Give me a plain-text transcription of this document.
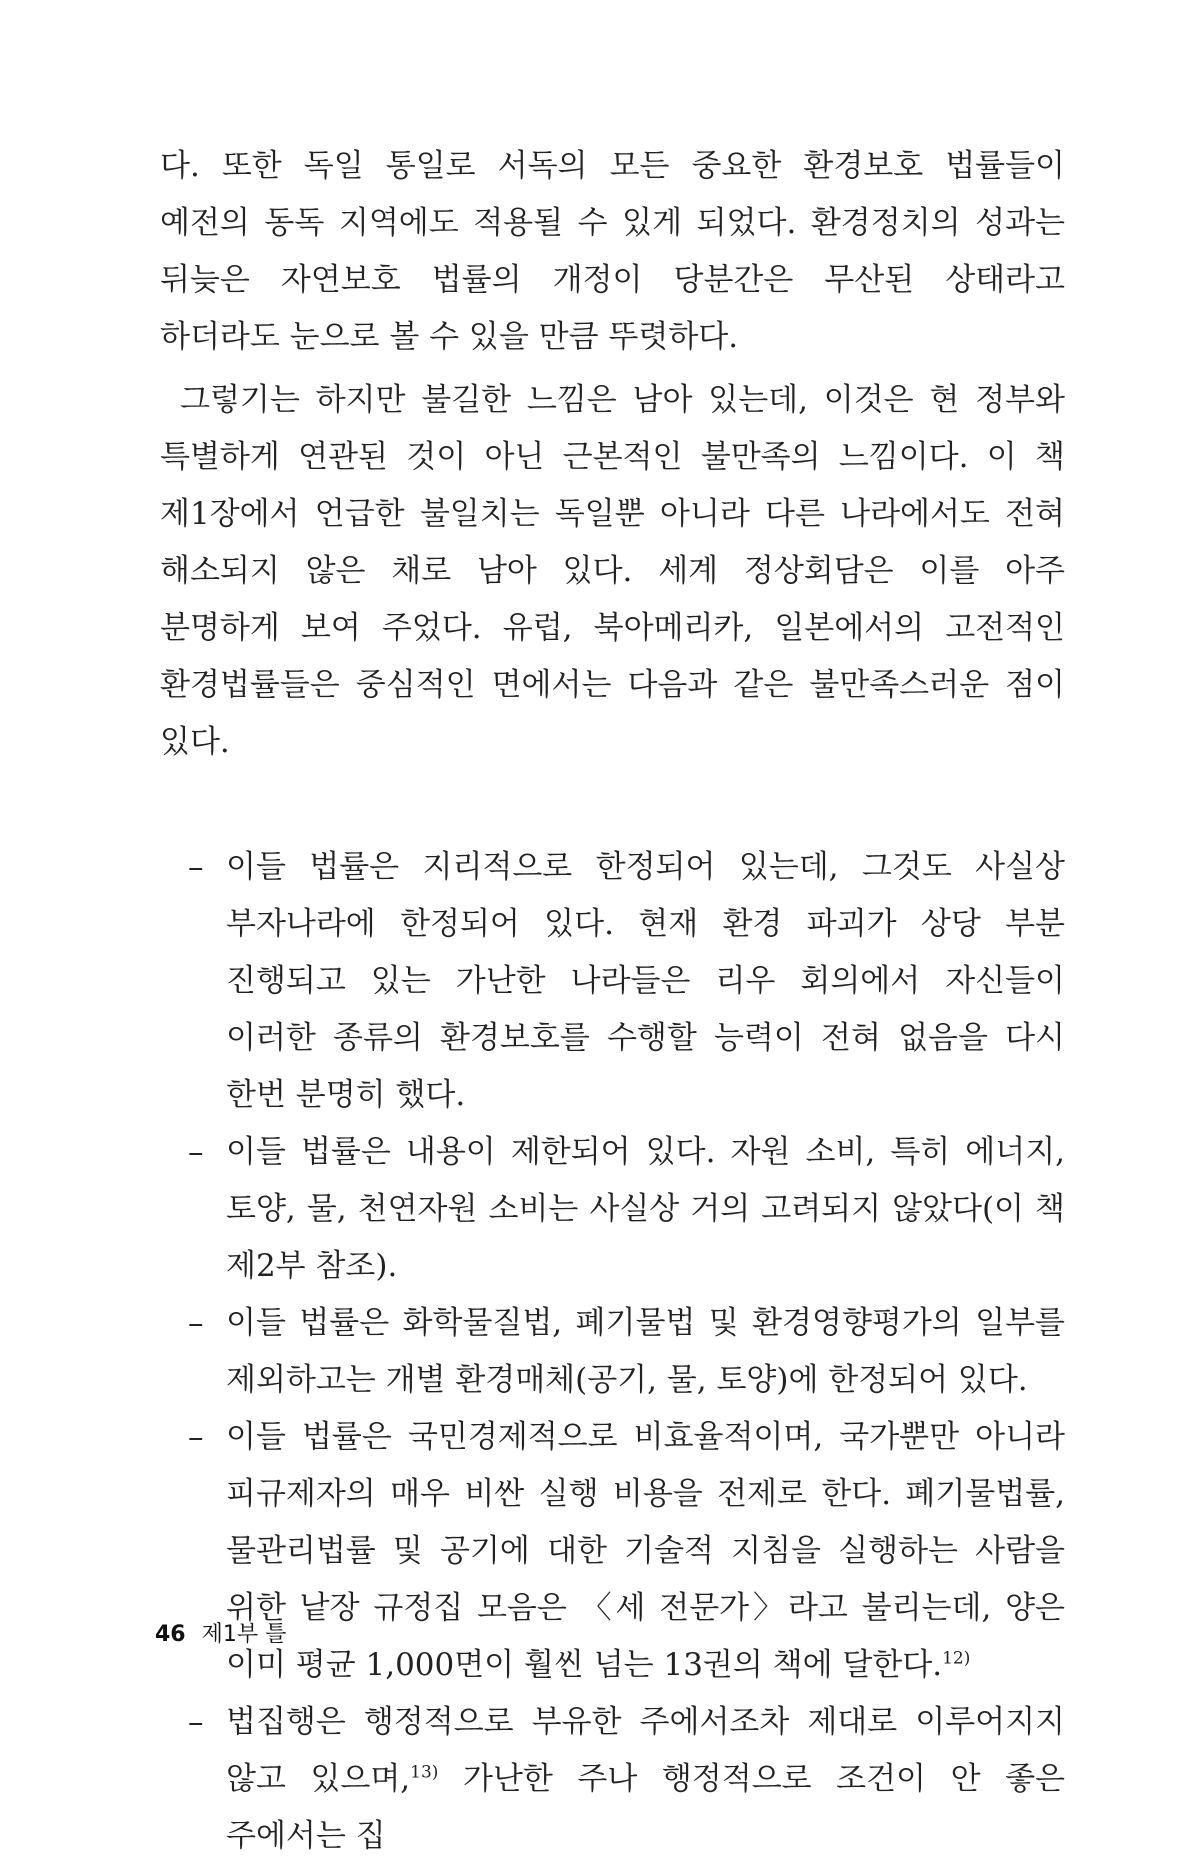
다. 또한 독일 통일로 서독의 모든 중요한 환경보호 법률들이 예전의 동독 지역에도 적용될 수 있게 되었다. 환경정치의 성과는 뒤늦은 자연보호 법률의 개정이 당분간은 무산된 상태라고 하더라도 눈으로 볼 수 있을 만큼 뚜렷하다.

그렇기는 하지만 불길한 느낌은 남아 있는데, 이것은 현 정부와 특별하게 연관된 것이 아닌 근본적인 불만족의 느낌이다. 이 책 제1장에서 언급한 불일치는 독일뿐 아니라 다른 나라에서도 전혀 해소되지 않은 채로 남아 있다. 세계 정상회담은 이를 아주 분명하게 보여 주었다. 유럽, 북아메리카, 일본에서의 고전적인 환경법률들은 중심적인 면에서는 다음과 같은 불만족스러운 점이 있다.

– 이들 법률은 지리적으로 한정되어 있는데, 그것도 사실상 부자나라에 한정되어 있다. 현재 환경 파괴가 상당 부분 진행되고 있는 가난한 나라들은 리우 회의에서 자신들이 이러한 종류의 환경보호를 수행할 능력이 전혀 없음을 다시 한번 분명히 했다.
– 이들 법률은 내용이 제한되어 있다. 자원 소비, 특히 에너지, 토양, 물, 천연자원 소비는 사실상 거의 고려되지 않았다(이 책 제2부 참조).
– 이들 법률은 화학물질법, 폐기물법 및 환경영향평가의 일부를 제외하고는 개별 환경매체(공기, 물, 토양)에 한정되어 있다.
– 이들 법률은 국민경제적으로 비효율적이며, 국가뿐만 아니라 피규제자의 매우 비싼 실행 비용을 전제로 한다. 폐기물법률, 물관리법률 및 공기에 대한 기술적 지침을 실행하는 사람을 위한 낱장 규정집 모음은 〈세 전문가〉라고 불리는데, 양은 이미 평균 1,000면이 훨씬 넘는 13권의 책에 달한다.$^{12)}$
– 법집행은 행정적으로 부유한 주에서조차 제대로 이루어지지 않고 있으며,$^{13)}$ 가난한 주나 행정적으로 조건이 안 좋은 주에서는 집
46 제1부 틀
